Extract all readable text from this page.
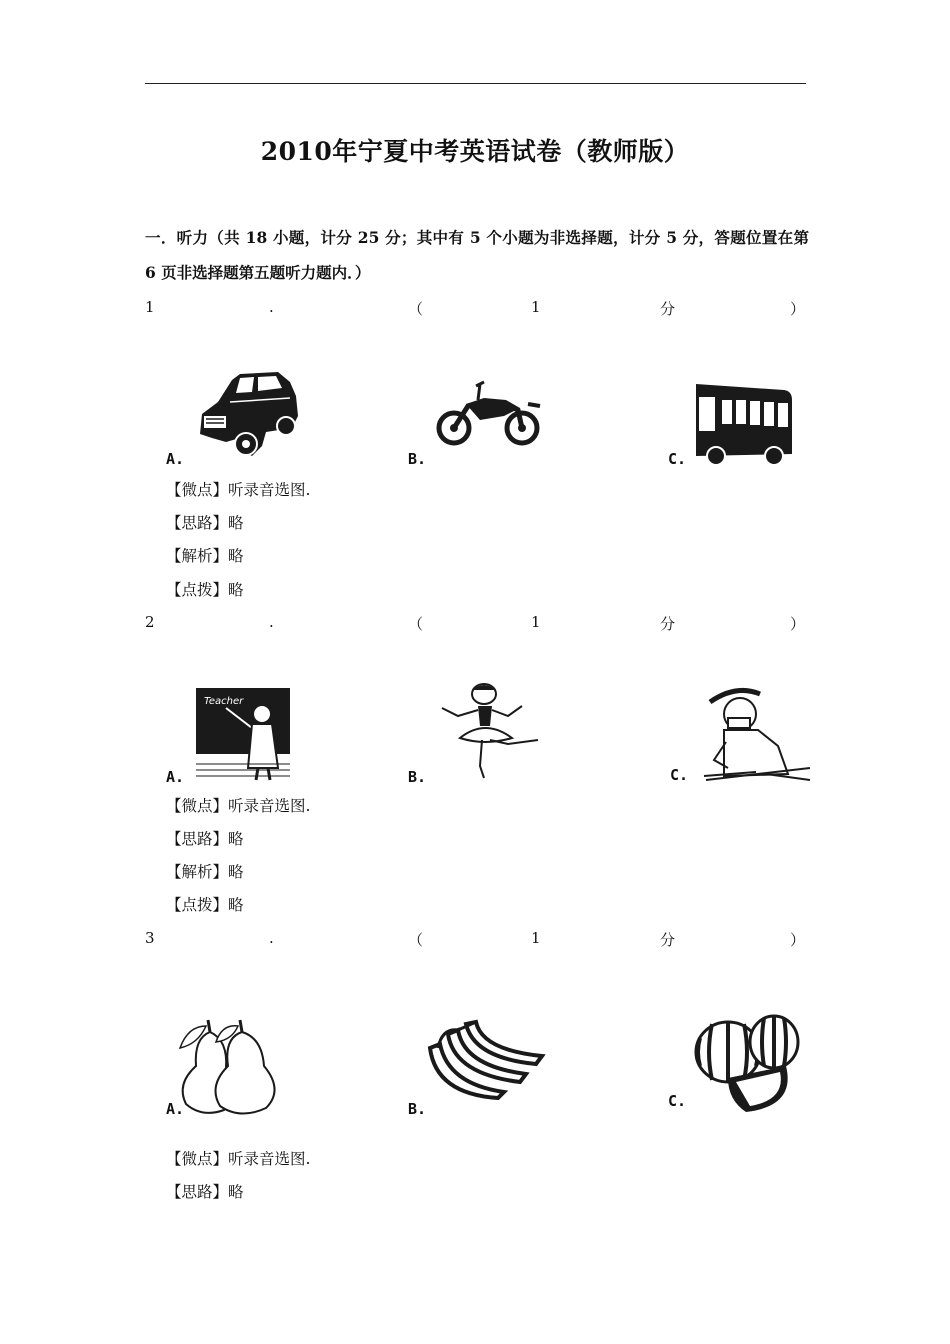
2010年宁夏中考英语试卷（教师版）
一．听力（共 18 小题，计分 25 分；其中有 5 个小题为非选择题，计分 5 分，答题位置在第 6 页非选择题第五题听力题内．）
1	.	（	1	分	）
A.	B.	C.
【微点】听录音选图.
【思路】略
【解析】略
【点拨】略
2	.	（	1	分	）
Teacher
A.	B.	C.
【微点】听录音选图.
【思路】略
【解析】略
【点拨】略
3	.	（	1	分	）
A.	B.	C.
【微点】听录音选图.
【思路】略
